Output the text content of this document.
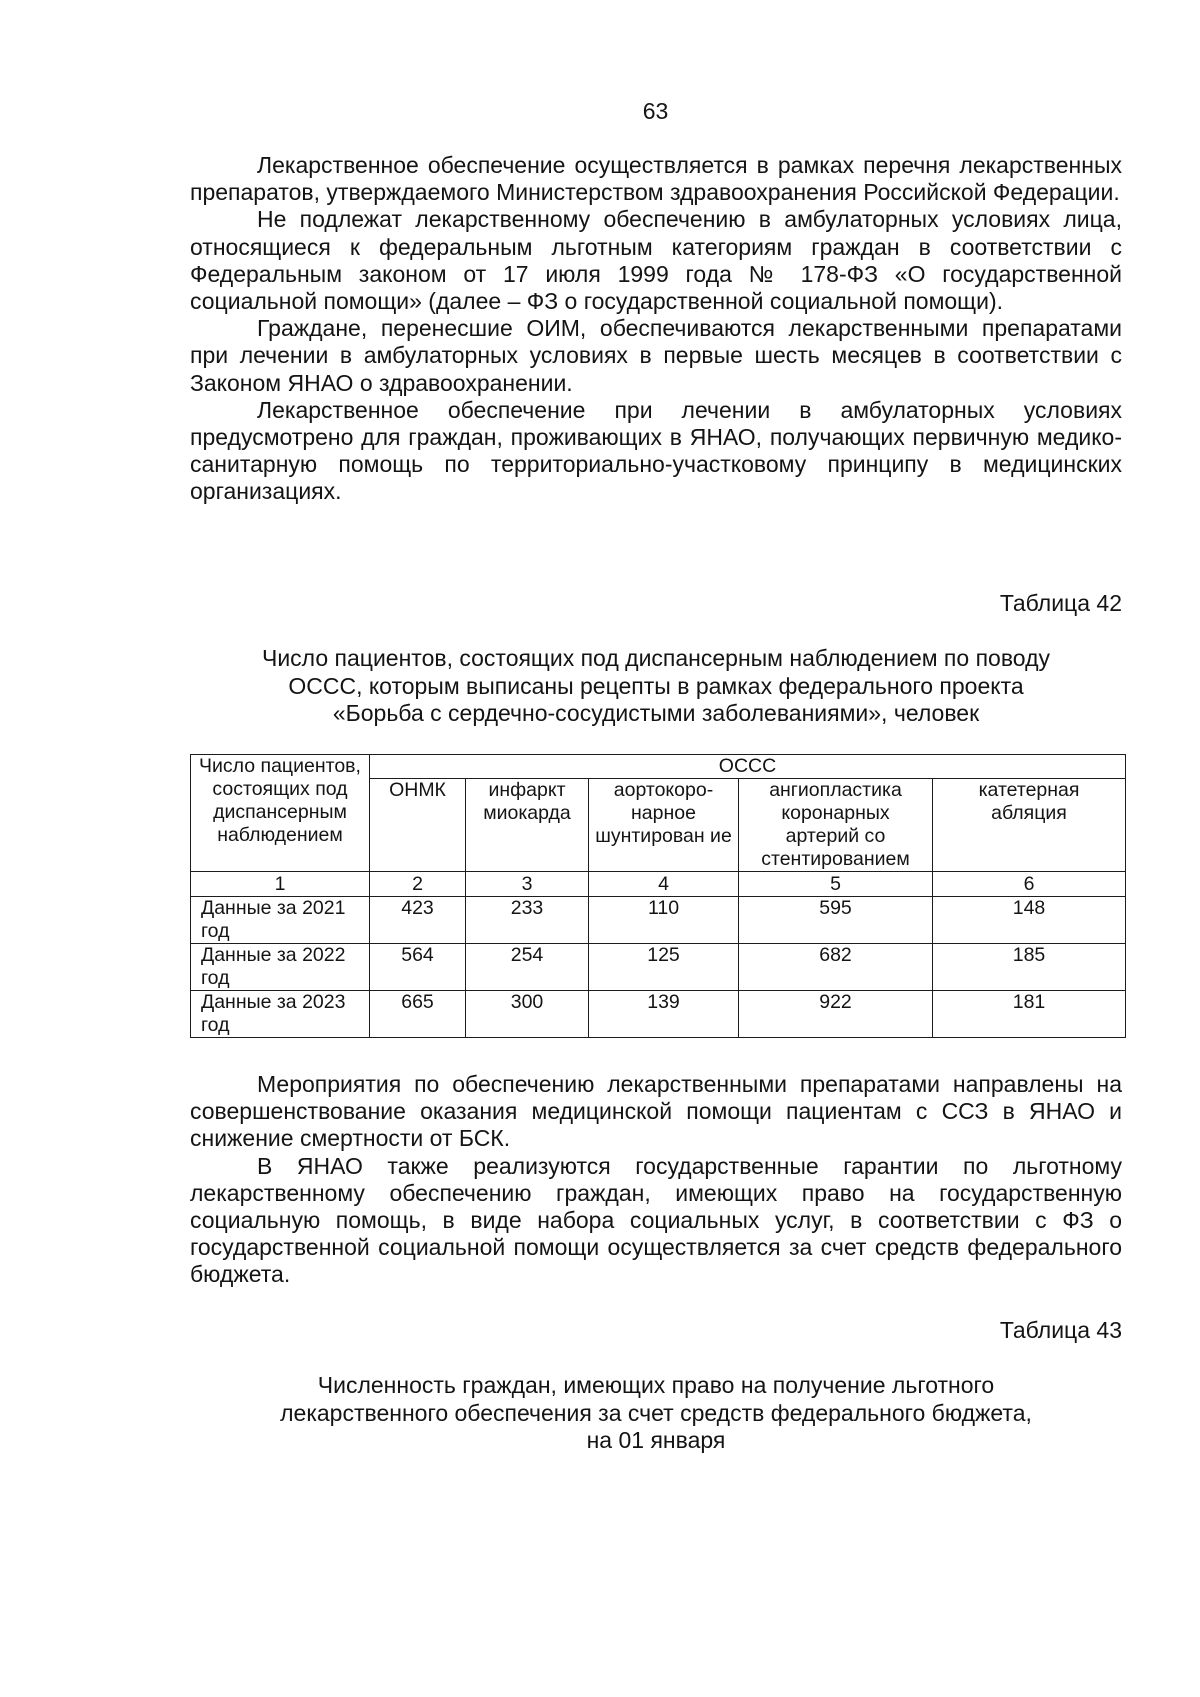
63

Лекарственное обеспечение осуществляется в рамках перечня лекарственных препаратов, утверждаемого Министерством здравоохранения Российской Федерации.

Не подлежат лекарственному обеспечению в амбулаторных условиях лица, относящиеся к федеральным льготным категориям граждан в соответствии с Федеральным законом от 17 июля 1999 года № 178-ФЗ «О государственной социальной помощи» (далее – ФЗ о государственной социальной помощи).

Граждане, перенесшие ОИМ, обеспечиваются лекарственными препаратами при лечении в амбулаторных условиях в первые шесть месяцев в соответствии с Законом ЯНАО о здравоохранении.

Лекарственное обеспечение при лечении в амбулаторных условиях предусмотрено для граждан, проживающих в ЯНАО, получающих первичную медико-санитарную помощь по территориально-участковому принципу в медицинских организациях.

Таблица 42
Число пациентов, состоящих под диспансерным наблюдением по поводу
ОССС, которым выписаны рецепты в рамках федерального проекта
«Борьба с сердечно-сосудистыми заболеваниями», человек
Число пациентов, состоящих под диспансерным наблюдением	ОССС				
	ОНМК	инфаркт миокарда	аортокоро-нарное шунтирован ие	ангиопластика коронарных артерий со стентированием	катетерная абляция
1	2	3	4	5	6
Данные за 2021 год	423	233	110	595	148
Данные за 2022 год	564	254	125	682	185
Данные за 2023 год	665	300	139	922	181

Мероприятия по обеспечению лекарственными препаратами направлены на совершенствование оказания медицинской помощи пациентам с ССЗ в ЯНАО и снижение смертности от БСК.

В ЯНАО также реализуются государственные гарантии по льготному лекарственному обеспечению граждан, имеющих право на государственную социальную помощь, в виде набора социальных услуг, в соответствии с ФЗ о государственной социальной помощи осуществляется за счет средств федерального бюджета.

Таблица 43
Численность граждан, имеющих право на получение льготного
лекарственного обеспечения за счет средств федерального бюджета,
на 01 января
